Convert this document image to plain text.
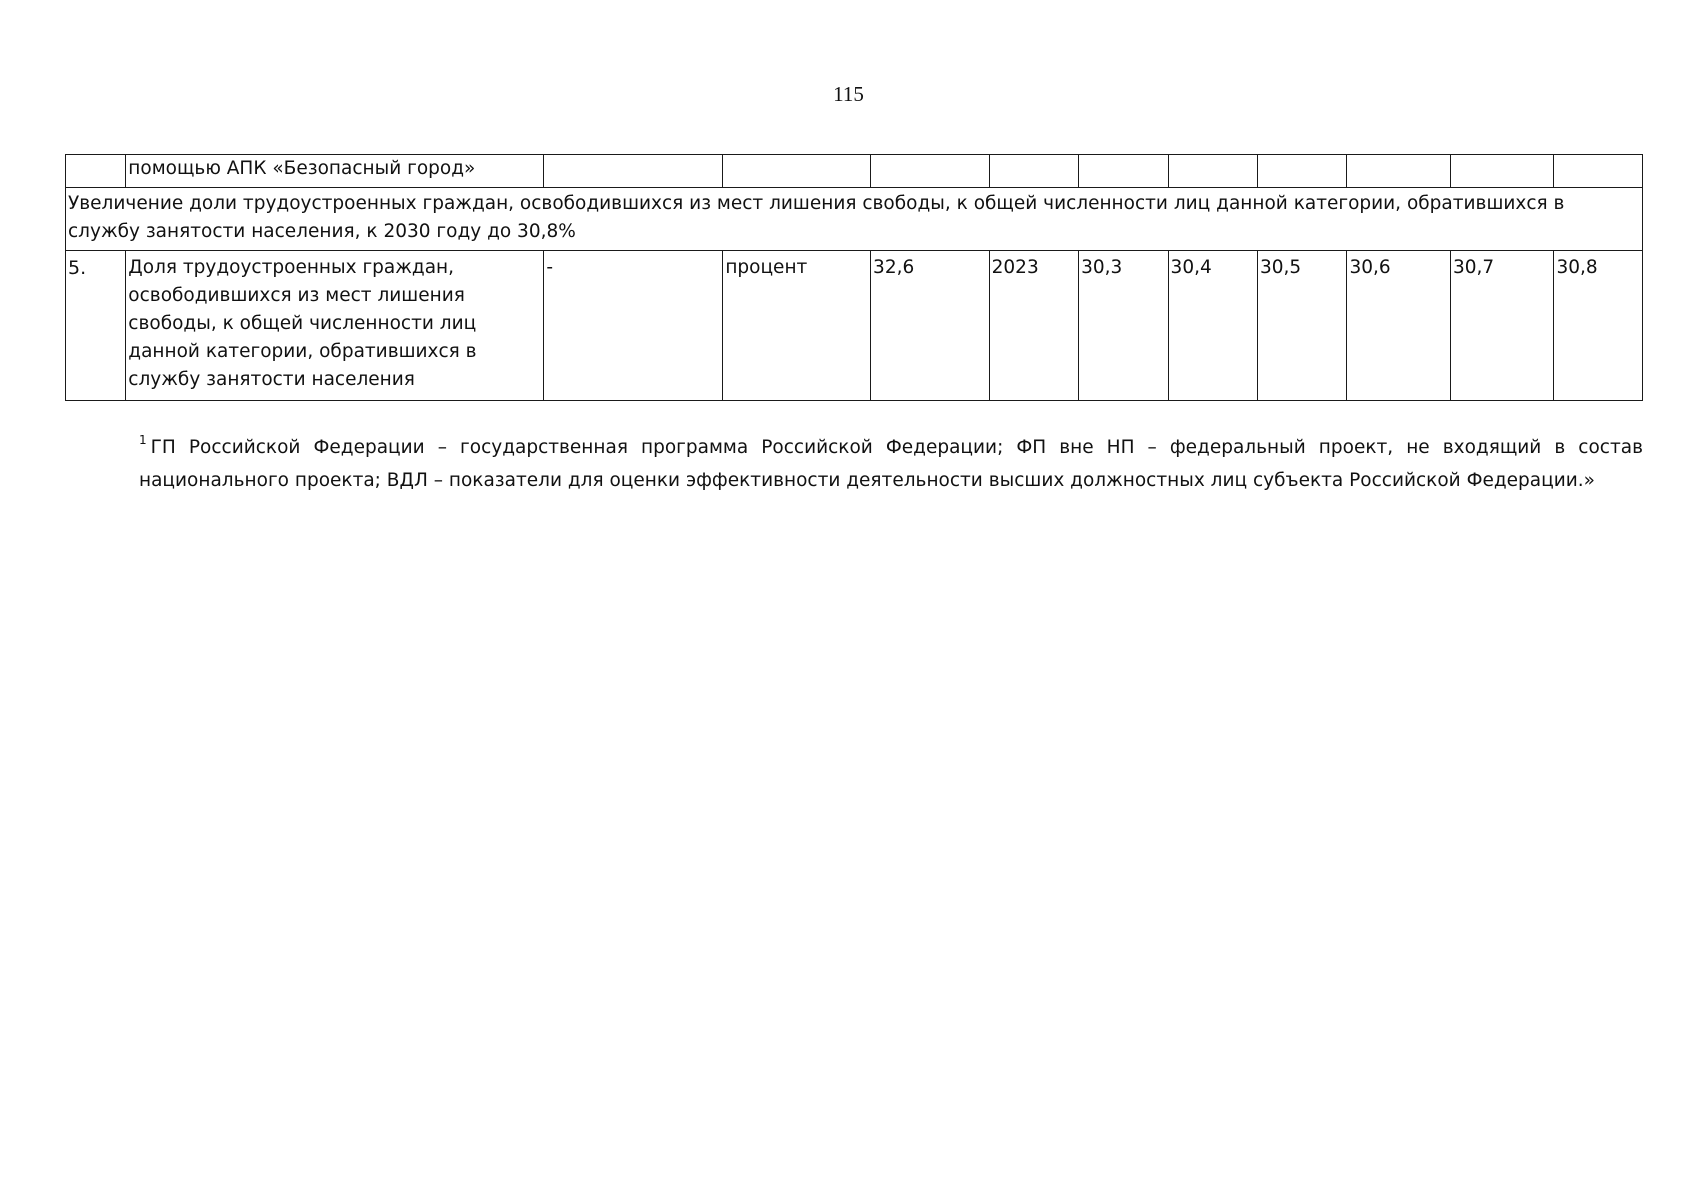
115
	помощью АПК «Безопасный город»										
Увеличение доли трудоустроенных граждан, освободившихся из мест лишения свободы, к общей численности лиц данной категории, обратившихся в службу занятости населения, к 2030 году до 30,8%											
5.	Доля трудоустроенных граждан, освободившихся из мест лишения свободы, к общей численности лиц данной категории, обратившихся в службу занятости населения	-	процент	32,6	2023	30,3	30,4	30,5	30,6	30,7	30,8
$^1$ ГП Российской Федерации – государственная программа Российской Федерации; ФП вне НП – федеральный проект, не входящий в состав национального проекта; ВДЛ – показатели для оценки эффективности деятельности высших должностных лиц субъекта Российской Федерации.»
